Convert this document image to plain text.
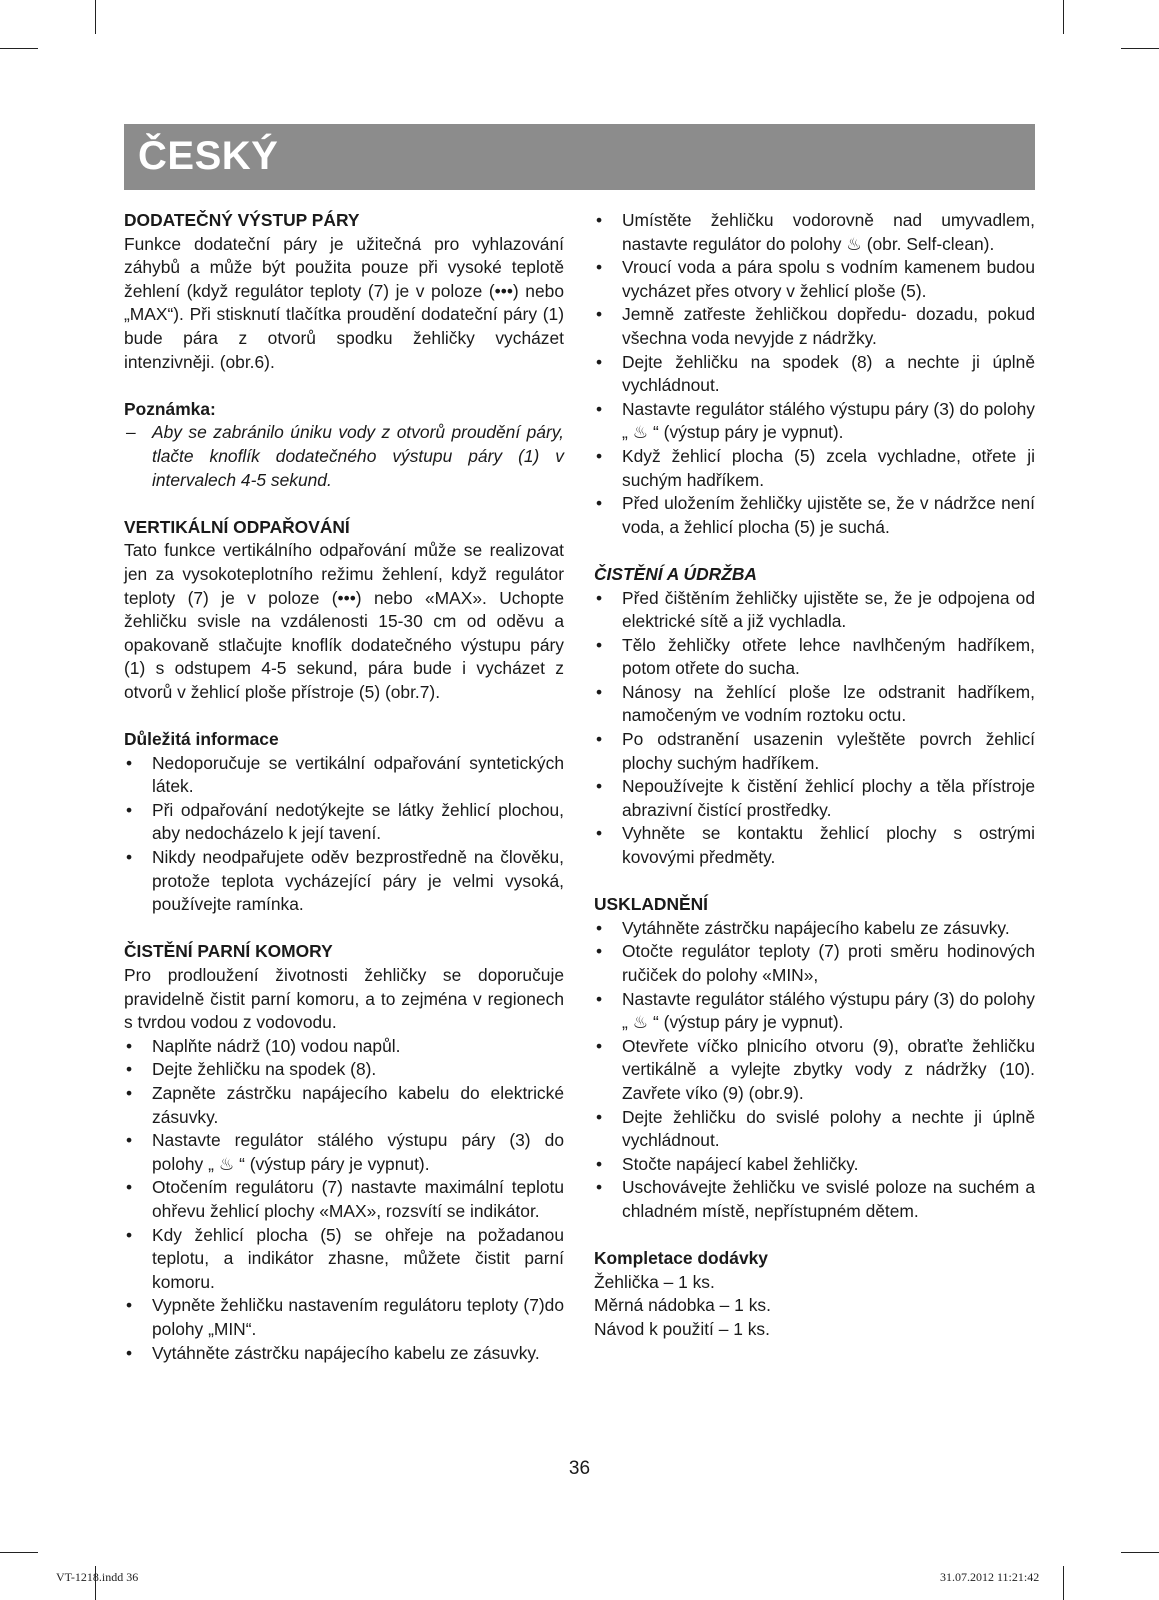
ČESKÝ
DODATEČNÝ VÝSTUP PÁRY

Funkce dodateční páry je užitečná pro vyhlazování záhybů a může být použita pouze při vysoké teplotě žehlení (když regulátor teploty (7) je v poloze (•••) nebo „MAX“). Při stisknutí tlačítka proudění dodateční páry (1) bude pára z otvorů spodku žehličky vycházet intenzivněji. (obr.6).

Poznámka:
– Aby se zabránilo úniku vody z otvorů proudění páry, tlačte knoflík dodatečného výstupu páry (1) v intervalech 4-5 sekund.
VERTIKÁLNÍ ODPAŘOVÁNÍ

Tato funkce vertikálního odpařování může se realizovat jen za vysokoteplotního režimu žehlení, když regulátor teploty (7) je v poloze (•••) nebo «MAX». Uchopte žehličku svisle na vzdálenosti 15-30 cm od oděvu a opakovaně stlačujte knoflík dodatečného výstupu páry (1) s odstupem 4-5 sekund, pára bude i vycházet z otvorů v žehlicí ploše přístroje (5) (obr.7).

Důležitá informace
• Nedoporučuje se vertikální odpařování syntetických látek.
• Při odpařování nedotýkejte se látky žehlicí plochou, aby nedocházelo k její tavení.
• Nikdy neodpařujete oděv bezprostředně na člověku, protože teplota vycházející páry je velmi vysoká, používejte ramínka.
ČISTĚNÍ PARNÍ KOMORY

Pro prodloužení životnosti žehličky se doporučuje pravidelně čistit parní komoru, a to zejména v regionech s tvrdou vodou z vodovodu.

• Naplňte nádrž (10) vodou napůl.
• Dejte žehličku na spodek (8).
• Zapněte zástrčku napájecího kabelu do elektrické zásuvky.
• Nastavte regulátor stálého výstupu páry (3) do polohy „ ♨ “ (výstup páry je vypnut).
• Otočením regulátoru (7) nastavte maximální teplotu ohřevu žehlicí plochy «MAX», rozsvítí se indikátor.
• Kdy žehlicí plocha (5) se ohřeje na požadanou teplotu, a indikátor zhasne, můžete čistit parní komoru.
• Vypněte žehličku nastavením regulátoru teploty (7)do polohy „MIN“.
• Vytáhněte zástrčku napájecího kabelu ze zásuvky.
• Umístěte žehličku vodorovně nad umyvadlem, nastavte regulátor do polohy ♨ (obr. Self-clean).
• Vroucí voda a pára spolu s vodním kamenem budou vycházet přes otvory v žehlicí ploše (5).
• Jemně zatřeste žehličkou dopředu- dozadu, pokud všechna voda nevyjde z nádržky.
• Dejte žehličku na spodek (8) a nechte ji úplně vychládnout.
• Nastavte regulátor stálého výstupu páry (3) do polohy „ ♨ “ (výstup páry je vypnut).
• Když žehlicí plocha (5) zcela vychladne, otřete ji suchým hadříkem.
• Před uložením žehličky ujistěte se, že v nádržce není voda, a žehlicí plocha (5) je suchá.
ČISTĚNÍ A ÚDRŽBA
• Před čištěním žehličky ujistěte se, že je odpojena od elektrické sítě a již vychladla.
• Tělo žehličky otřete lehce navlhčeným hadříkem, potom otřete do sucha.
• Nánosy na žehlící ploše lze odstranit hadříkem, namočeným ve vodním roztoku octu.
• Po odstranění usazenin vyleštěte povrch žehlicí plochy suchým hadříkem.
• Nepoužívejte k čistění žehlicí plochy a těla přístroje abrazivní čistící prostředky.
• Vyhněte se kontaktu žehlicí plochy s ostrými kovovými předměty.
USKLADNĚNÍ
• Vytáhněte zástrčku napájecího kabelu ze zásuvky.
• Otočte regulátor teploty (7) proti směru hodinových ručiček do polohy «MIN»,
• Nastavte regulátor stálého výstupu páry (3) do polohy „ ♨ “ (výstup páry je vypnut).
• Otevřete víčko plnicího otvoru (9), obraťte žehličku vertikálně a vylejte zbytky vody z nádržky (10). Zavřete víko (9) (obr.9).
• Dejte žehličku do svislé polohy a nechte ji úplně vychládnout.
• Stočte napájecí kabel žehličky.
• Uschovávejte žehličku ve svislé poloze na suchém a chladném místě, nepřístupném dětem.
Kompletace dodávky
Žehlička – 1 ks.
Měrná nádobka – 1 ks.
Návod k použití – 1 ks.
36
VT-1218.indd 36	31.07.2012 11:21:42
